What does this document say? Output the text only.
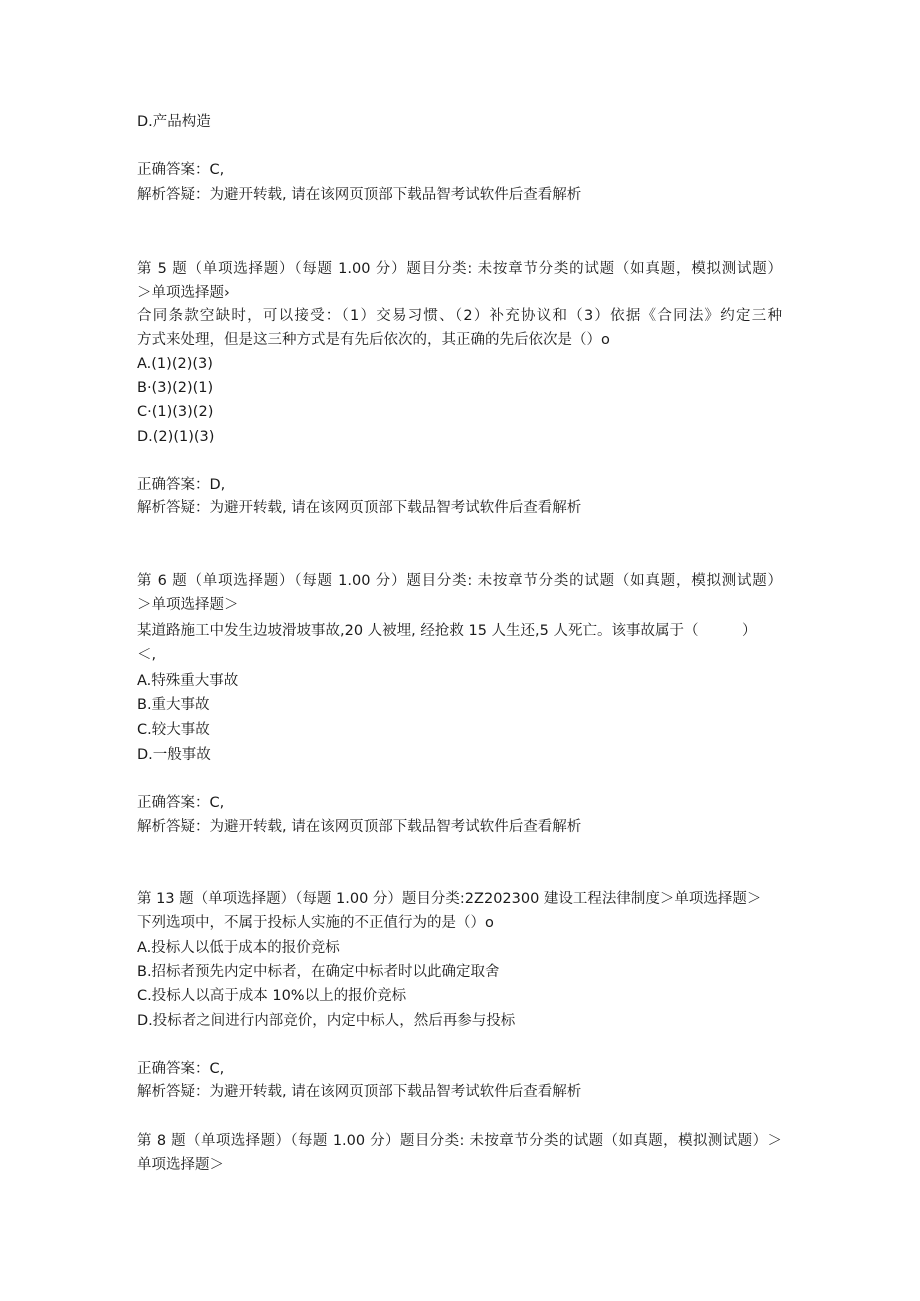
D.产品构造
正确答案：C,
解析答疑：为避开转载, 请在该网页顶部下载品智考试软件后查看解析
第 5 题（单项选择题）（每题 1.00 分）题目分类: 未按章节分类的试题（如真题，模拟测试题）
＞单项选择题›
合同条款空缺时，可以接受：（1）交易习惯、（2）补充协议和（3）依据《合同法》约定三种
方式来处理，但是这三种方式是有先后依次的，其正确的先后依次是（）o
A.(1)(2)(3)
B·(3)(2)(1)
C·(1)(3)(2)
D.(2)(1)(3)
正确答案：D,
解析答疑：为避开转载, 请在该网页顶部下载品智考试软件后查看解析
第 6 题（单项选择题）（每题 1.00 分）题目分类: 未按章节分类的试题（如真题，模拟测试题）
＞单项选择题＞
某道路施工中发生边坡滑坡事故,20 人被埋, 经抢救 15 人生还,5 人死亡。该事故属于（　　　）
＜,
A.特殊重大事故
B.重大事故
C.较大事故
D.一般事故
正确答案：C,
解析答疑：为避开转载, 请在该网页顶部下载品智考试软件后查看解析
第 13 题（单项选择题）（每题 1.00 分）题目分类:2Z202300 建设工程法律制度＞单项选择题＞
下列选项中，不属于投标人实施的不正值行为的是（）o
A.投标人以低于成本的报价竞标
B.招标者预先内定中标者，在确定中标者时以此确定取舍
C.投标人以高于成本 10%以上的报价竞标
D.投标者之间进行内部竞价，内定中标人，然后再参与投标
正确答案：C,
解析答疑：为避开转载, 请在该网页顶部下载品智考试软件后查看解析
第 8 题（单项选择题）（每题 1.00 分）题目分类: 未按章节分类的试题（如真题，模拟测试题）＞
单项选择题＞
